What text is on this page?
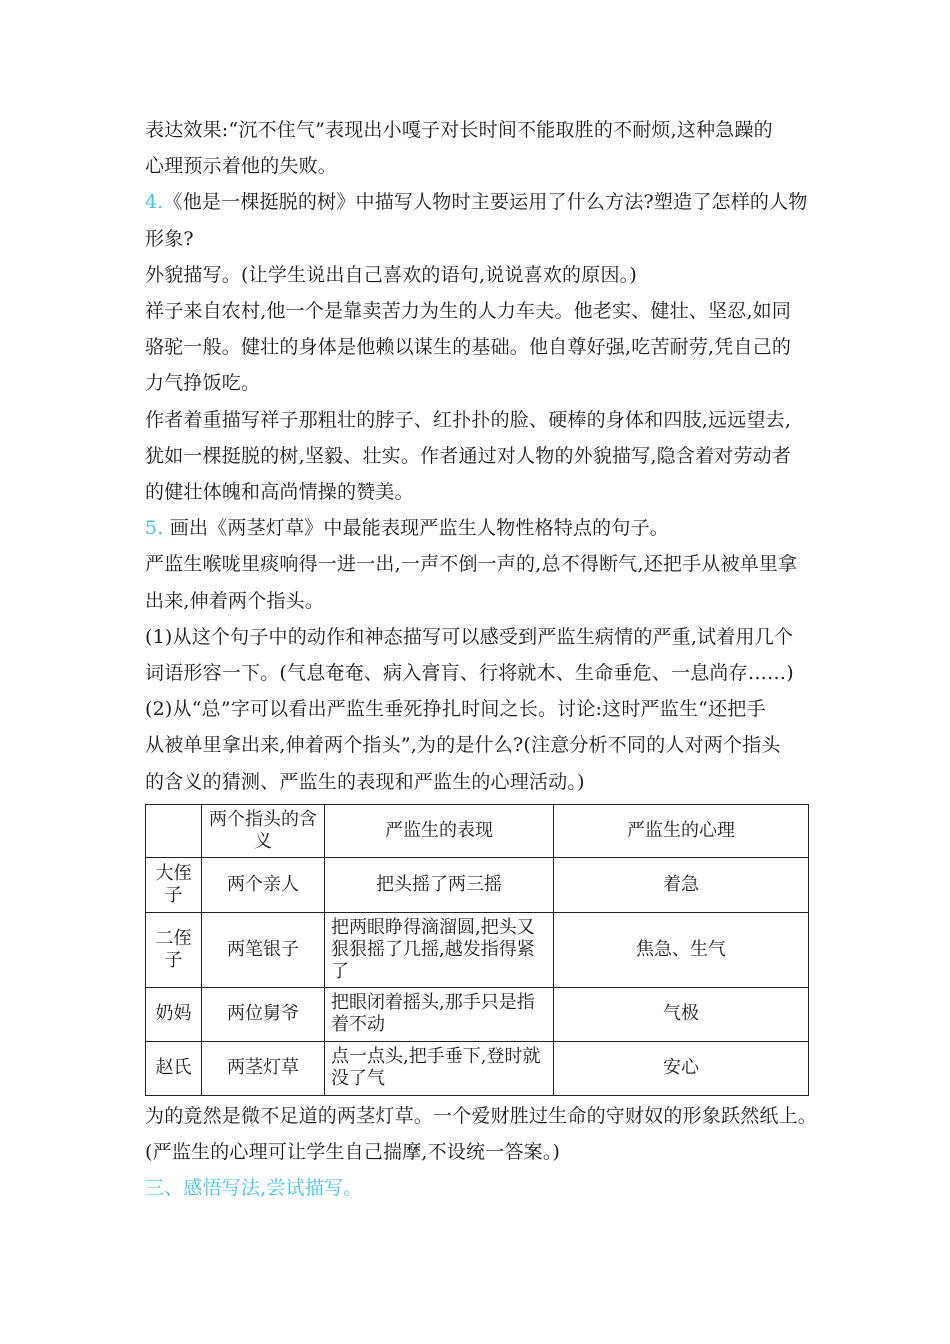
表达效果:“沉不住气”表现出小嘎子对长时间不能取胜的不耐烦,这种急躁的
心理预示着他的失败。
4.《他是一棵挺脱的树》中描写人物时主要运用了什么方法?塑造了怎样的人物
形象?
外貌描写。(让学生说出自己喜欢的语句,说说喜欢的原因。)
祥子来自农村,他一个是靠卖苦力为生的人力车夫。他老实、健壮、坚忍,如同
骆驼一般。健壮的身体是他赖以谋生的基础。他自尊好强,吃苦耐劳,凭自己的
力气挣饭吃。
作者着重描写祥子那粗壮的脖子、红扑扑的脸、硬棒的身体和四肢,远远望去,
犹如一棵挺脱的树,坚毅、壮实。作者通过对人物的外貌描写,隐含着对劳动者
的健壮体魄和高尚情操的赞美。
5. 画出《两茎灯草》中最能表现严监生人物性格特点的句子。
严监生喉咙里痰响得一进一出,一声不倒一声的,总不得断气,还把手从被单里拿
出来,伸着两个指头。
(1)从这个句子中的动作和神态描写可以感受到严监生病情的严重,试着用几个
词语形容一下。(气息奄奄、病入膏肓、行将就木、生命垂危、一息尚存……)
(2)从“总”字可以看出严监生垂死挣扎时间之长。讨论:这时严监生“还把手
从被单里拿出来,伸着两个指头”,为的是什么?(注意分析不同的人对两个指头
的含义的猜测、严监生的表现和严监生的心理活动。)
	两个指头的含义	严监生的表现	严监生的心理
大侄子	两个亲人	把头摇了两三摇	着急
二侄子	两笔银子	把两眼睁得滴溜圆,把头又狠狠摇了几摇,越发指得紧了	焦急、生气
奶妈	两位舅爷	把眼闭着摇头,那手只是指着不动	气极
赵氏	两茎灯草	点一点头,把手垂下,登时就没了气	安心
为的竟然是微不足道的两茎灯草。一个爱财胜过生命的守财奴的形象跃然纸上。
(严监生的心理可让学生自己揣摩,不设统一答案。)
三、感悟写法,尝试描写。
